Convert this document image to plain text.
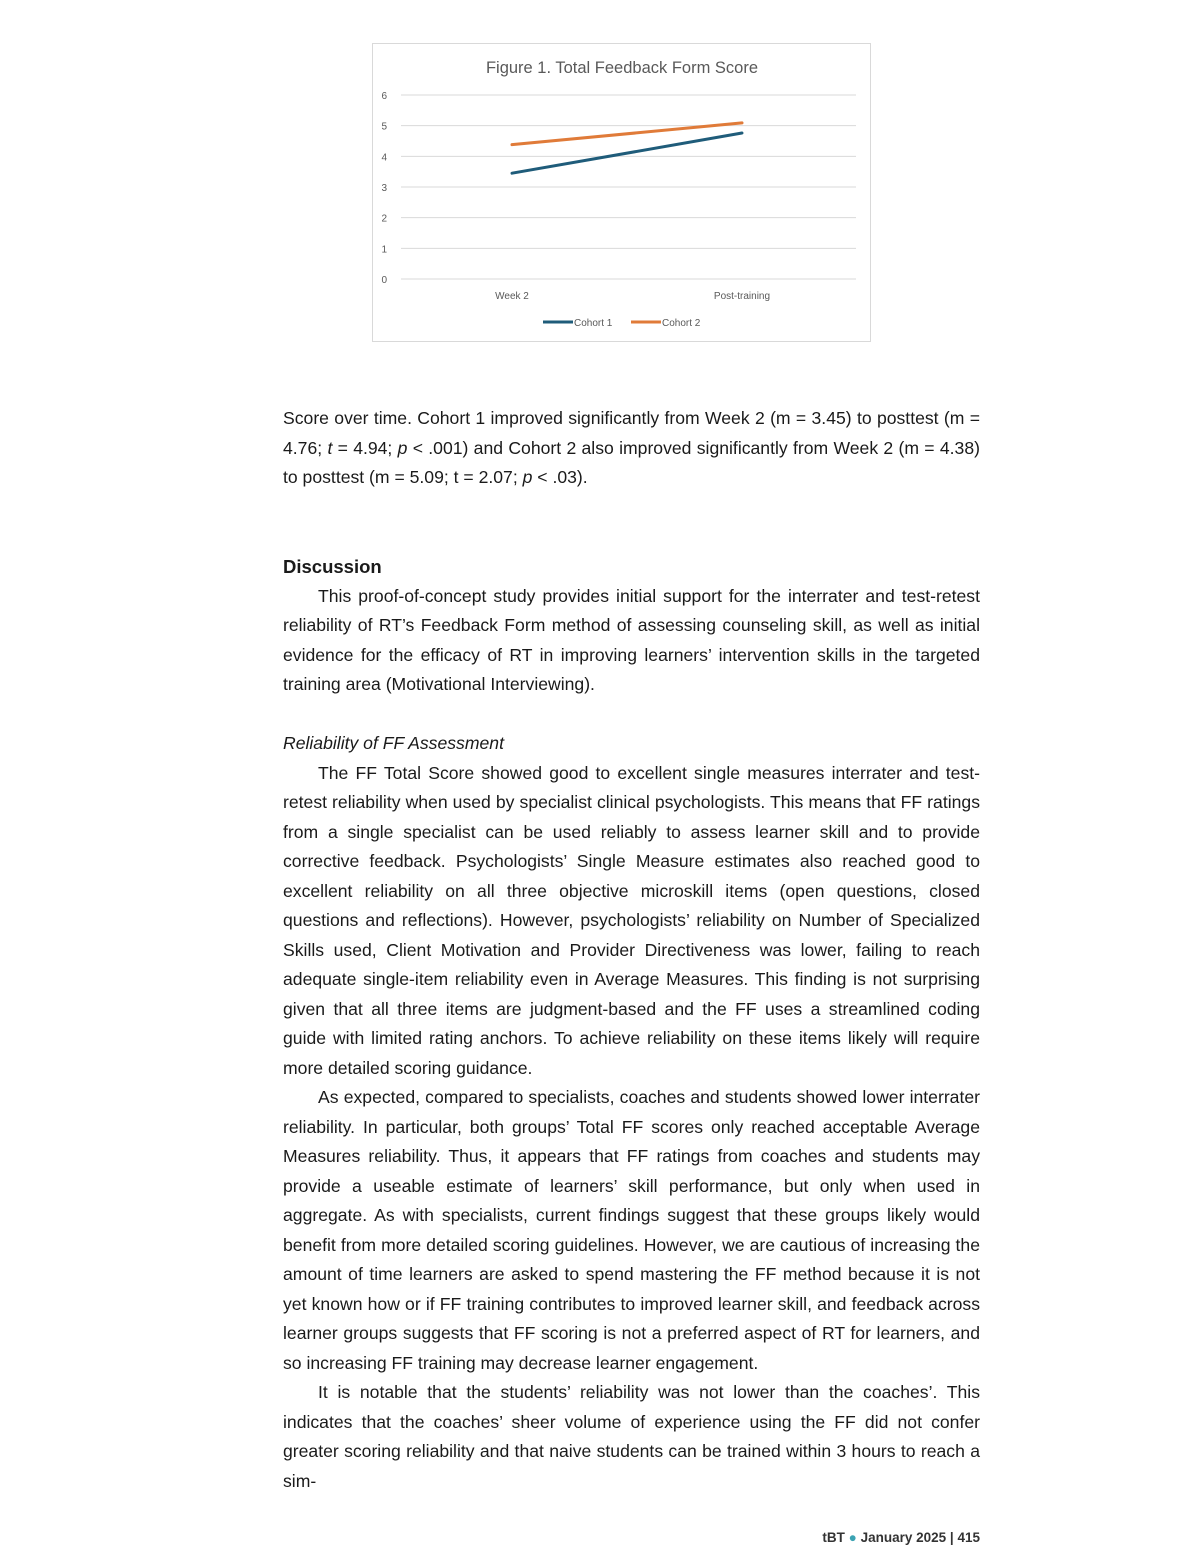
Figure 1. Total Feedback Form Score
0
1
2
3
4
5
6
Week 2	Post-training
Cohort 1	Cohort 2

Score over time. Cohort 1 improved significantly from Week 2 (m = 3.45) to posttest (m = 4.76; t = 4.94; p < .001) and Cohort 2 also improved significantly from Week 2 (m = 4.38) to posttest (m = 5.09; t = 2.07; p < .03).

Discussion

This proof-of-concept study provides initial support for the interrater and test-retest reliability of RT’s Feedback Form method of assessing counseling skill, as well as initial evidence for the efficacy of RT in improving learners’ intervention skills in the targeted training area (Motivational Interviewing).

Reliability of FF Assessment

The FF Total Score showed good to excellent single measures interrater and test-retest reliability when used by specialist clinical psychologists. This means that FF ratings from a single specialist can be used reliably to assess learner skill and to provide corrective feedback. Psychologists’ Single Measure estimates also reached good to excellent reliability on all three objective microskill items (open questions, closed questions and reflections). However, psychologists’ reliability on Number of Specialized Skills used, Client Motivation and Provider Directiveness was lower, failing to reach adequate single-item reliability even in Average Measures. This finding is not surprising given that all three items are judgment-based and the FF uses a streamlined coding guide with limited rating anchors. To achieve reliability on these items likely will require more detailed scoring guidance.

As expected, compared to specialists, coaches and students showed lower interrater reliability. In particular, both groups’ Total FF scores only reached acceptable Average Measures reliability. Thus, it appears that FF ratings from coaches and students may provide a useable estimate of learners’ skill performance, but only when used in aggregate. As with specialists, current findings suggest that these groups likely would benefit from more detailed scoring guidelines. However, we are cautious of increasing the amount of time learners are asked to spend mastering the FF method because it is not yet known how or if FF training contributes to improved learner skill, and feedback across learner groups suggests that FF scoring is not a preferred aspect of RT for learners, and so increasing FF training may decrease learner engagement.

It is notable that the students’ reliability was not lower than the coaches’. This indicates that the coaches’ sheer volume of experience using the FF did not confer greater scoring reliability and that naive students can be trained within 3 hours to reach a sim-

tBT ● January 2025 | 415
